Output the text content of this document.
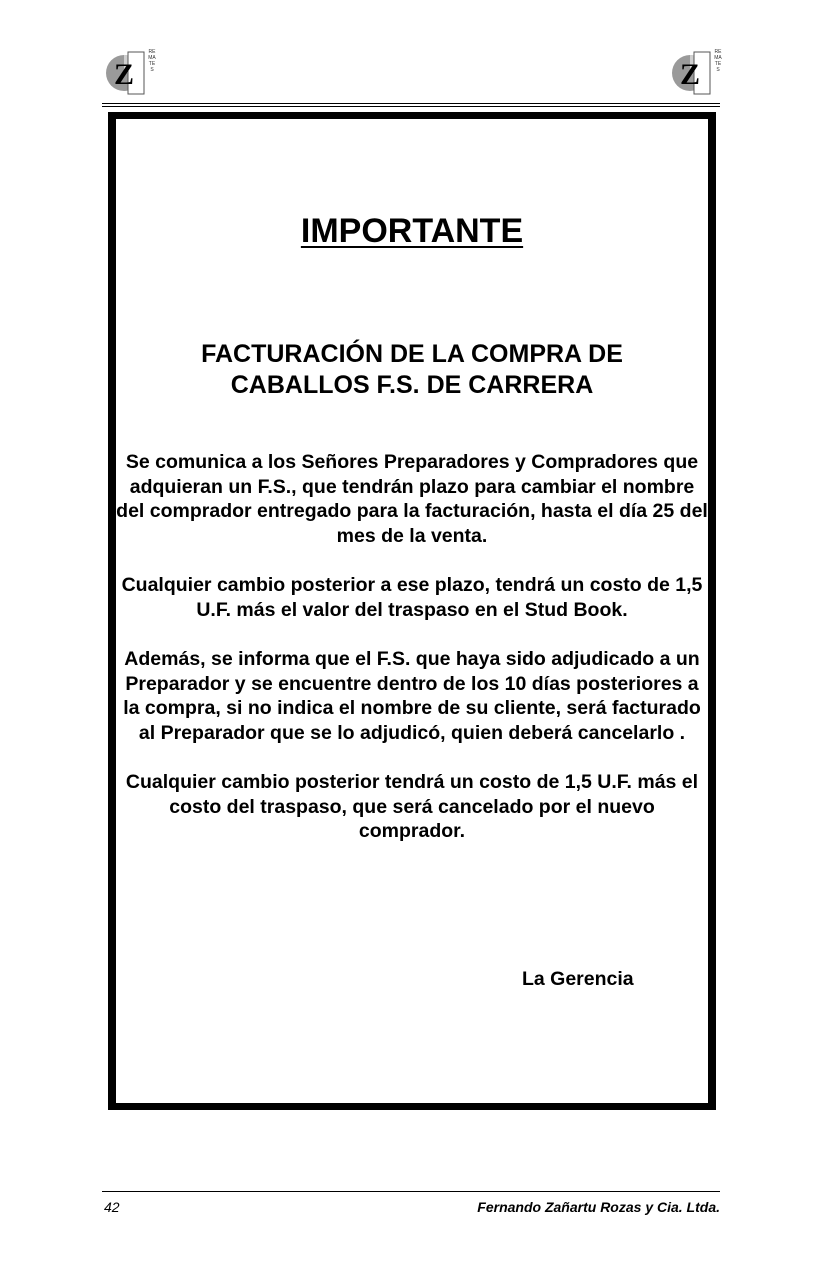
Z
REMATES	Z
REMATES
IMPORTANTE
FACTURACIÓN DE LA COMPRA DE
CABALLOS F.S. DE CARRERA

Se comunica a los Señores Preparadores y Compradores que adquieran un F.S., que tendrán plazo para cambiar el nombre del comprador entregado para la facturación, hasta el día 25 del mes de la venta.

Cualquier cambio posterior a ese plazo, tendrá un costo de 1,5 U.F. más el valor del traspaso en el Stud Book.

Además, se informa que el F.S. que haya sido adjudicado a un Preparador y se encuentre dentro de los 10 días posteriores a la compra, si no indica el nombre de su cliente, será facturado al Preparador que se lo adjudicó, quien deberá cancelarlo .

Cualquier cambio posterior tendrá un costo de 1,5 U.F. más el costo del traspaso, que será cancelado por el nuevo comprador.

La Gerencia
42	Fernando Zañartu Rozas y Cia. Ltda.
